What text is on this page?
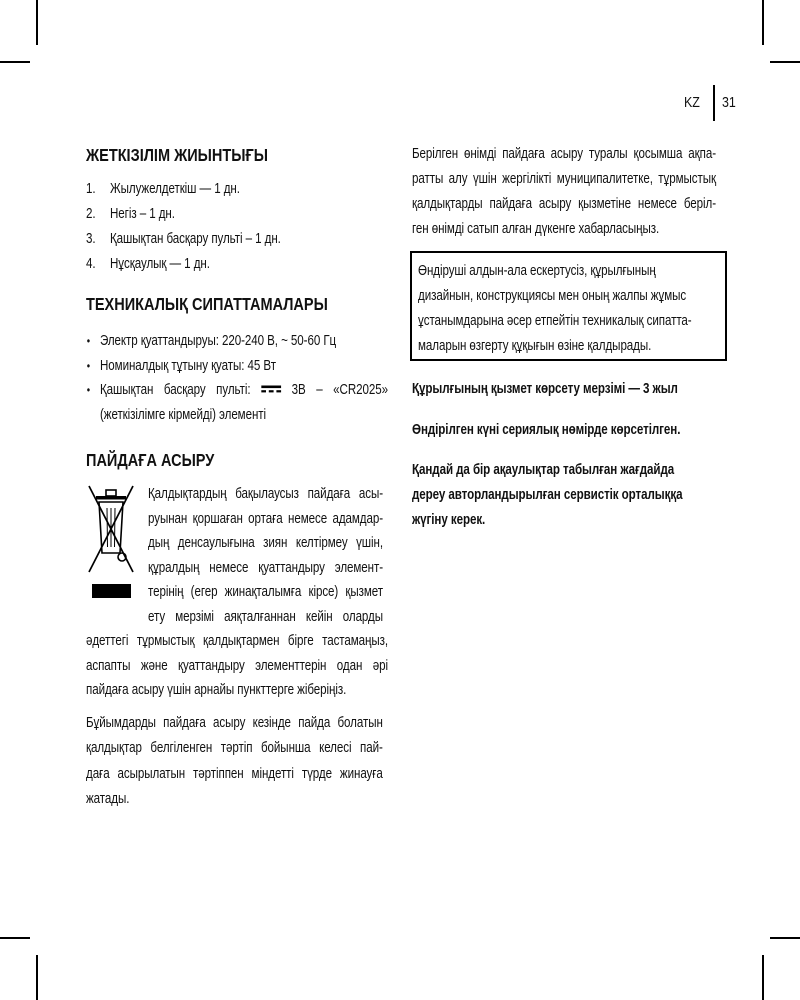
KZ 31
ЖЕТКІЗІЛІМ ЖИЫНТЫҒЫ
1. Жылужелдеткіш — 1 дн.
2. Негіз – 1 дн.
3. Қашықтан басқару пульті – 1 дн.
4. Нұсқаулық — 1 дн.
ТЕХНИКАЛЫҚ СИПАТТАМАЛАРЫ
• Электр қуаттандыруы: 220-240 В, ~ 50-60 Гц
• Номиналдық тұтыну қуаты: 45 Вт
• Қашықтан басқару пульті:	3В – «CR2025»
(жеткізілімге кірмейді) элементі
ПАЙДАҒА АСЫРУ
Қалдықтардың бақылаусыз пайдаға асы-
руынан қоршаған ортаға немесе адамдар-
дың денсаулығына зиян келтірмеу үшін,
құралдың немесе қуаттандыру элемент-
терінің (егер жинақталымға кірсе) қызмет
ету мерзімі аяқталғаннан кейін оларды
әдеттегі тұрмыстық қалдықтармен бірге тастамаңыз,
аспапты және қуаттандыру элементтерін одан әрі
пайдаға асыру үшін арнайы пункттерге жіберіңіз.
Бұйымдарды пайдаға асыру кезінде пайда болатын
қалдықтар белгіленген тәртіп бойынша келесі пай-
даға асырылатын тәртіппен міндетті түрде жинауға
жатады.
Берілген өнімді пайдаға асыру туралы қосымша ақпа-
ратты алу үшін жергілікті муниципалитетке, тұрмыстық
қалдықтарды пайдаға асыру қызметіне немесе беріл-
ген өнімді сатып алған дүкенге хабарласыңыз.
Өндіруші алдын-ала ескертусіз, құрылғының
дизайнын, конструкциясы мен оның жалпы жұмыс
ұстанымдарына әсер етпейтін техникалық сипатта-
маларын өзгерту құқығын өзіне қалдырады.
Құрылғының қызмет көрсету мерзімі — 3 жыл
Өндірілген күні сериялық нөмірде көрсетілген.
Қандай да бір ақаулықтар табылған жағдайда
дереу авторландырылған сервистік орталыққа
жүгіну керек.
